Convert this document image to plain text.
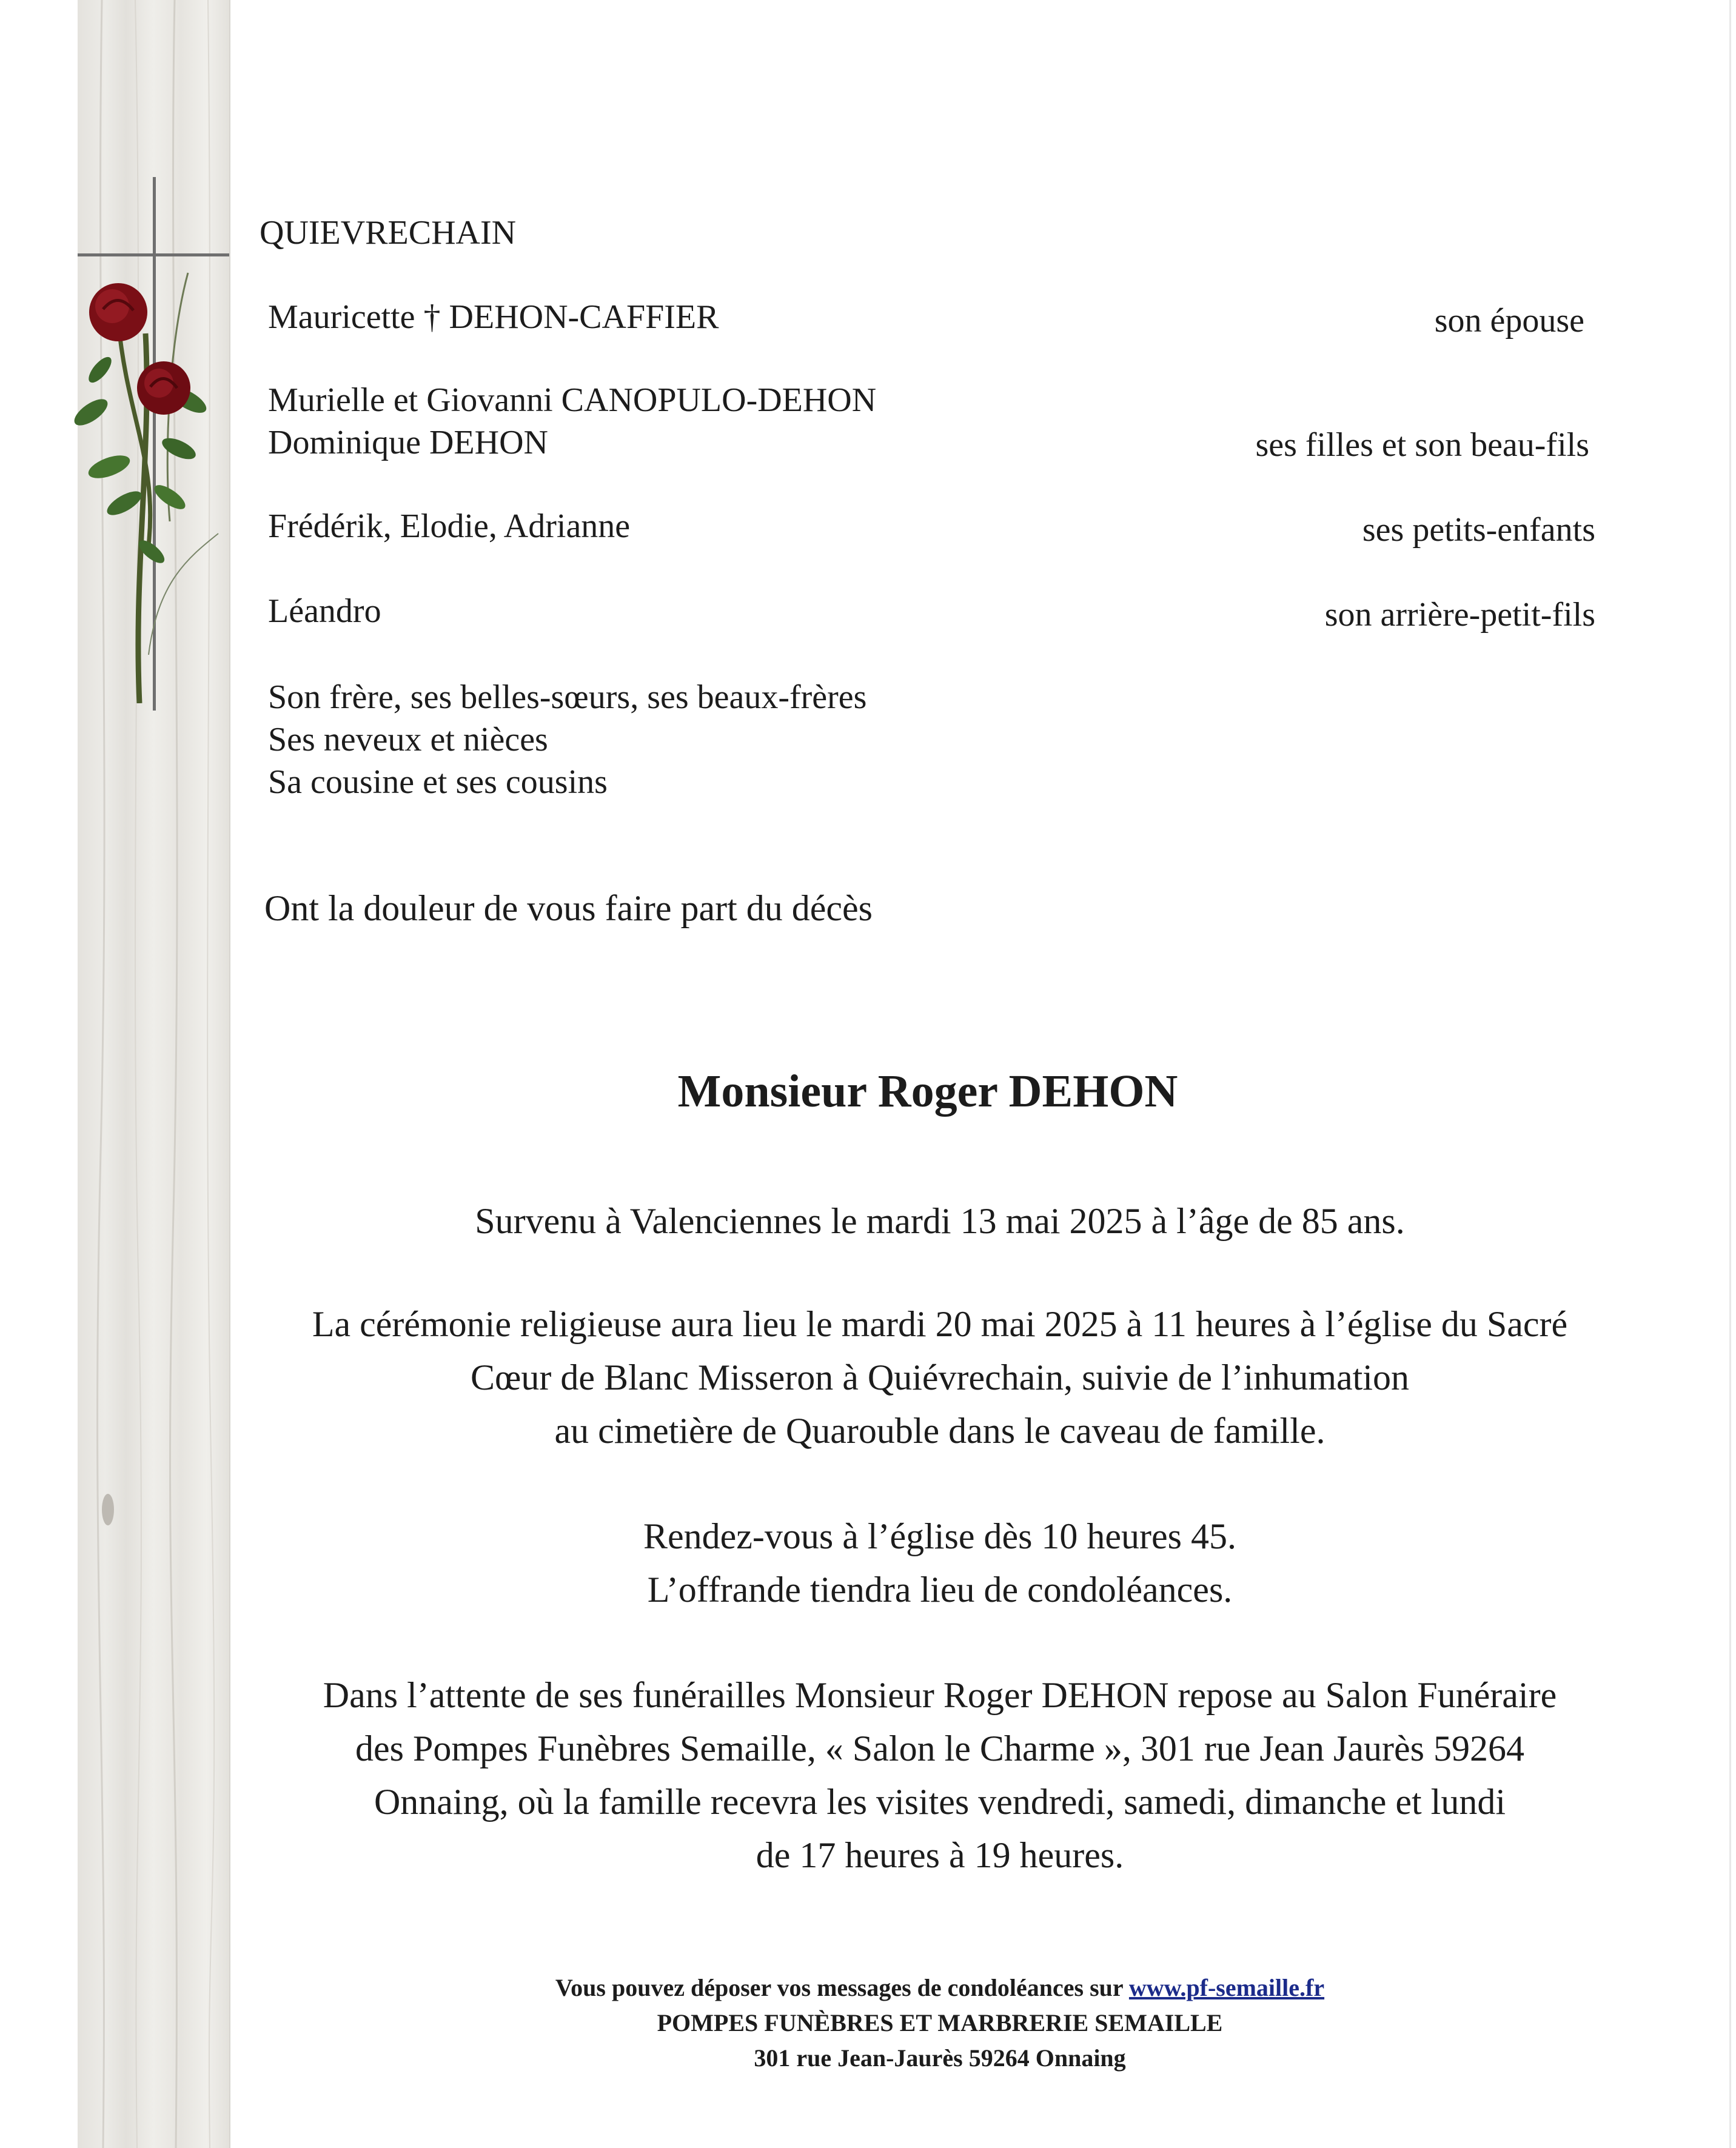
QUIEVRECHAIN

Mauricette † DEHON-CAFFIER	son épouse

Murielle et Giovanni CANOPULO-DEHON
Dominique DEHON	ses filles et son beau-fils

Frédérik, Elodie, Adrianne	ses petits-enfants

Léandro	son arrière-petit-fils

Son frère, ses belles-sœurs, ses beaux-frères
Ses neveux et nièces
Sa cousine et ses cousins

Ont la douleur de vous faire part du décès

Monsieur Roger DEHON

Survenu à Valenciennes le mardi 13 mai 2025 à l’âge de 85 ans.
La cérémonie religieuse aura lieu le mardi 20 mai 2025 à 11 heures à l’église du Sacré
Cœur de Blanc Misseron à Quiévrechain, suivie de l’inhumation
au cimetière de Quarouble dans le caveau de famille.
Rendez-vous à l’église dès 10 heures 45.
L’offrande tiendra lieu de condoléances.
Dans l’attente de ses funérailles Monsieur Roger DEHON repose au Salon Funéraire
des Pompes Funèbres Semaille, « Salon le Charme », 301 rue Jean Jaurès 59264
Onnaing, où la famille recevra les visites vendredi, samedi, dimanche et lundi
de 17 heures à 19 heures.
Vous pouvez déposer vos messages de condoléances sur www.pf-semaille.fr
POMPES FUNÈBRES ET MARBRERIE SEMAILLE
301 rue Jean-Jaurès 59264 Onnaing
